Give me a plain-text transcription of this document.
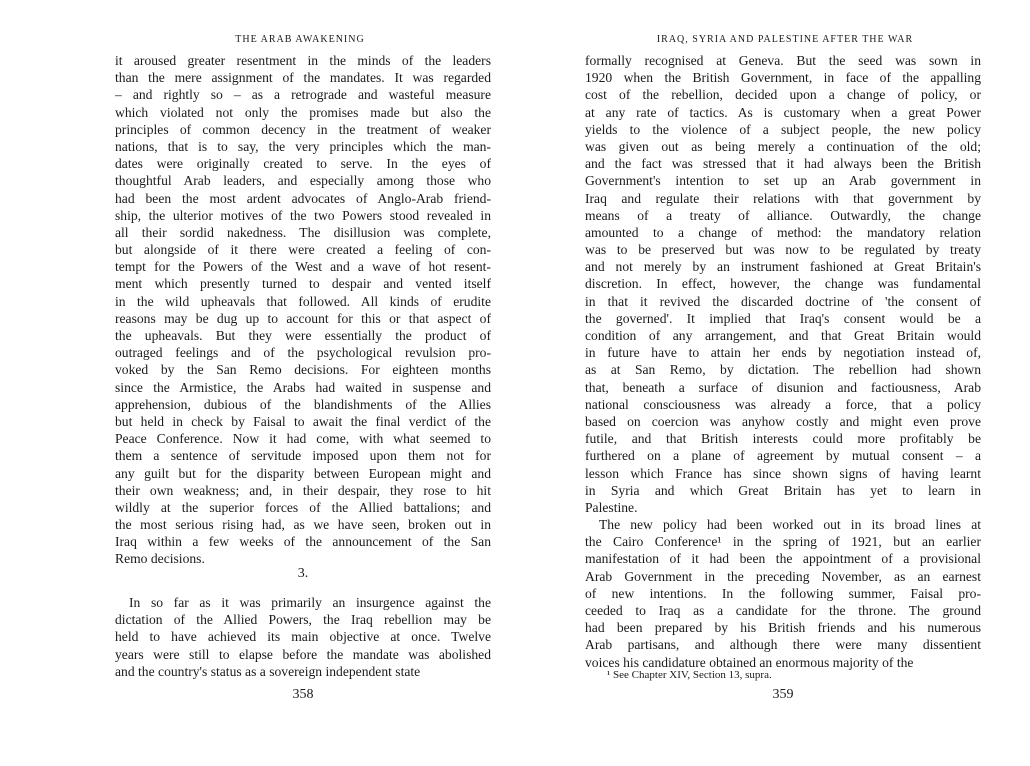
THE ARAB AWAKENING
it aroused greater resentment in the minds of the leaders
than the mere assignment of the mandates. It was regarded
– and rightly so – as a retrograde and wasteful measure
which violated not only the promises made but also the
principles of common decency in the treatment of weaker
nations, that is to say, the very principles which the man-
dates were originally created to serve. In the eyes of
thoughtful Arab leaders, and especially among those who
had been the most ardent advocates of Anglo-Arab friend-
ship, the ulterior motives of the two Powers stood revealed in
all their sordid nakedness. The disillusion was complete,
but alongside of it there were created a feeling of con-
tempt for the Powers of the West and a wave of hot resent-
ment which presently turned to despair and vented itself
in the wild upheavals that followed. All kinds of erudite
reasons may be dug up to account for this or that aspect of
the upheavals. But they were essentially the product of
outraged feelings and of the psychological revulsion pro-
voked by the San Remo decisions. For eighteen months
since the Armistice, the Arabs had waited in suspense and
apprehension, dubious of the blandishments of the Allies
but held in check by Faisal to await the final verdict of the
Peace Conference. Now it had come, with what seemed to
them a sentence of servitude imposed upon them not for
any guilt but for the disparity between European might and
their own weakness; and, in their despair, they rose to hit
wildly at the superior forces of the Allied battalions; and
the most serious rising had, as we have seen, broken out in
Iraq within a few weeks of the announcement of the San
Remo decisions.
3.
In so far as it was primarily an insurgence against the
dictation of the Allied Powers, the Iraq rebellion may be
held to have achieved its main objective at once. Twelve
years were still to elapse before the mandate was abolished
and the country's status as a sovereign independent state
358
IRAQ, SYRIA AND PALESTINE AFTER THE WAR
formally recognised at Geneva. But the seed was sown in
1920 when the British Government, in face of the appalling
cost of the rebellion, decided upon a change of policy, or
at any rate of tactics. As is customary when a great Power
yields to the violence of a subject people, the new policy
was given out as being merely a continuation of the old;
and the fact was stressed that it had always been the British
Government's intention to set up an Arab government in
Iraq and regulate their relations with that government by
means of a treaty of alliance. Outwardly, the change
amounted to a change of method: the mandatory relation
was to be preserved but was now to be regulated by treaty
and not merely by an instrument fashioned at Great Britain's
discretion. In effect, however, the change was fundamental
in that it revived the discarded doctrine of 'the consent of
the governed'. It implied that Iraq's consent would be a
condition of any arrangement, and that Great Britain would
in future have to attain her ends by negotiation instead of,
as at San Remo, by dictation. The rebellion had shown
that, beneath a surface of disunion and factiousness, Arab
national consciousness was already a force, that a policy
based on coercion was anyhow costly and might even prove
futile, and that British interests could more profitably be
furthered on a plane of agreement by mutual consent – a
lesson which France has since shown signs of having learnt
in Syria and which Great Britain has yet to learn in
Palestine.
The new policy had been worked out in its broad lines at
the Cairo Conference¹ in the spring of 1921, but an earlier
manifestation of it had been the appointment of a provisional
Arab Government in the preceding November, as an earnest
of new intentions. In the following summer, Faisal pro-
ceeded to Iraq as a candidate for the throne. The ground
had been prepared by his British friends and his numerous
Arab partisans, and although there were many dissentient
voices his candidature obtained an enormous majority of the
¹ See Chapter XIV, Section 13, supra.
359
